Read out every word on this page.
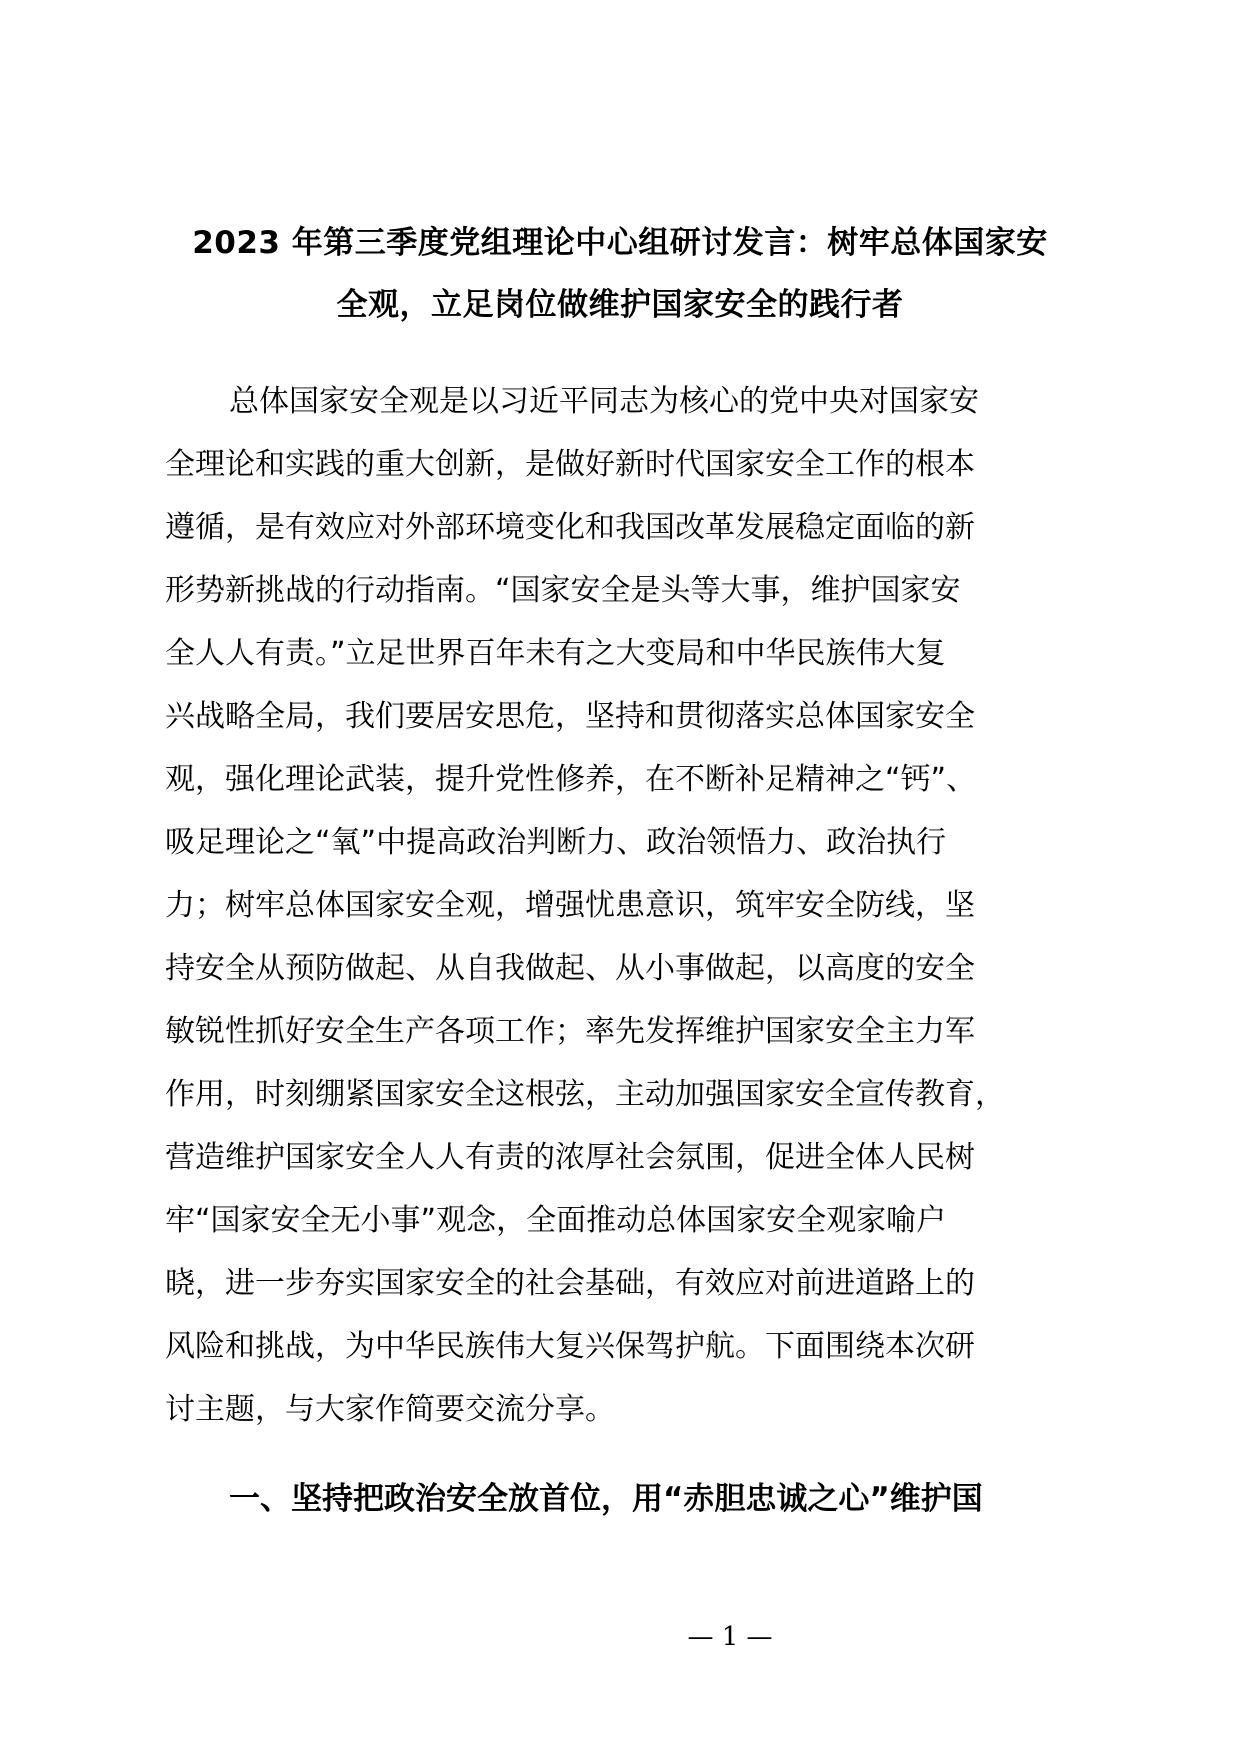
2023 年第三季度党组理论中心组研讨发言：树牢总体国家安
全观，立足岗位做维护国家安全的践行者
总体国家安全观是以习近平同志为核心的党中央对国家安
全理论和实践的重大创新，是做好新时代国家安全工作的根本
遵循，是有效应对外部环境变化和我国改革发展稳定面临的新
形势新挑战的行动指南。“国家安全是头等大事，维护国家安
全人人有责。”立足世界百年未有之大变局和中华民族伟大复
兴战略全局，我们要居安思危，坚持和贯彻落实总体国家安全
观，强化理论武装，提升党性修养，在不断补足精神之“钙”、
吸足理论之“氧”中提高政治判断力、政治领悟力、政治执行
力；树牢总体国家安全观，增强忧患意识，筑牢安全防线，坚
持安全从预防做起、从自我做起、从小事做起，以高度的安全
敏锐性抓好安全生产各项工作；率先发挥维护国家安全主力军
作用，时刻绷紧国家安全这根弦，主动加强国家安全宣传教育，
营造维护国家安全人人有责的浓厚社会氛围，促进全体人民树
牢“国家安全无小事”观念，全面推动总体国家安全观家喻户
晓，进一步夯实国家安全的社会基础，有效应对前进道路上的
风险和挑战，为中华民族伟大复兴保驾护航。下面围绕本次研
讨主题，与大家作简要交流分享。
一、坚持把政治安全放首位，用“赤胆忠诚之心”维护国
— 1 —
